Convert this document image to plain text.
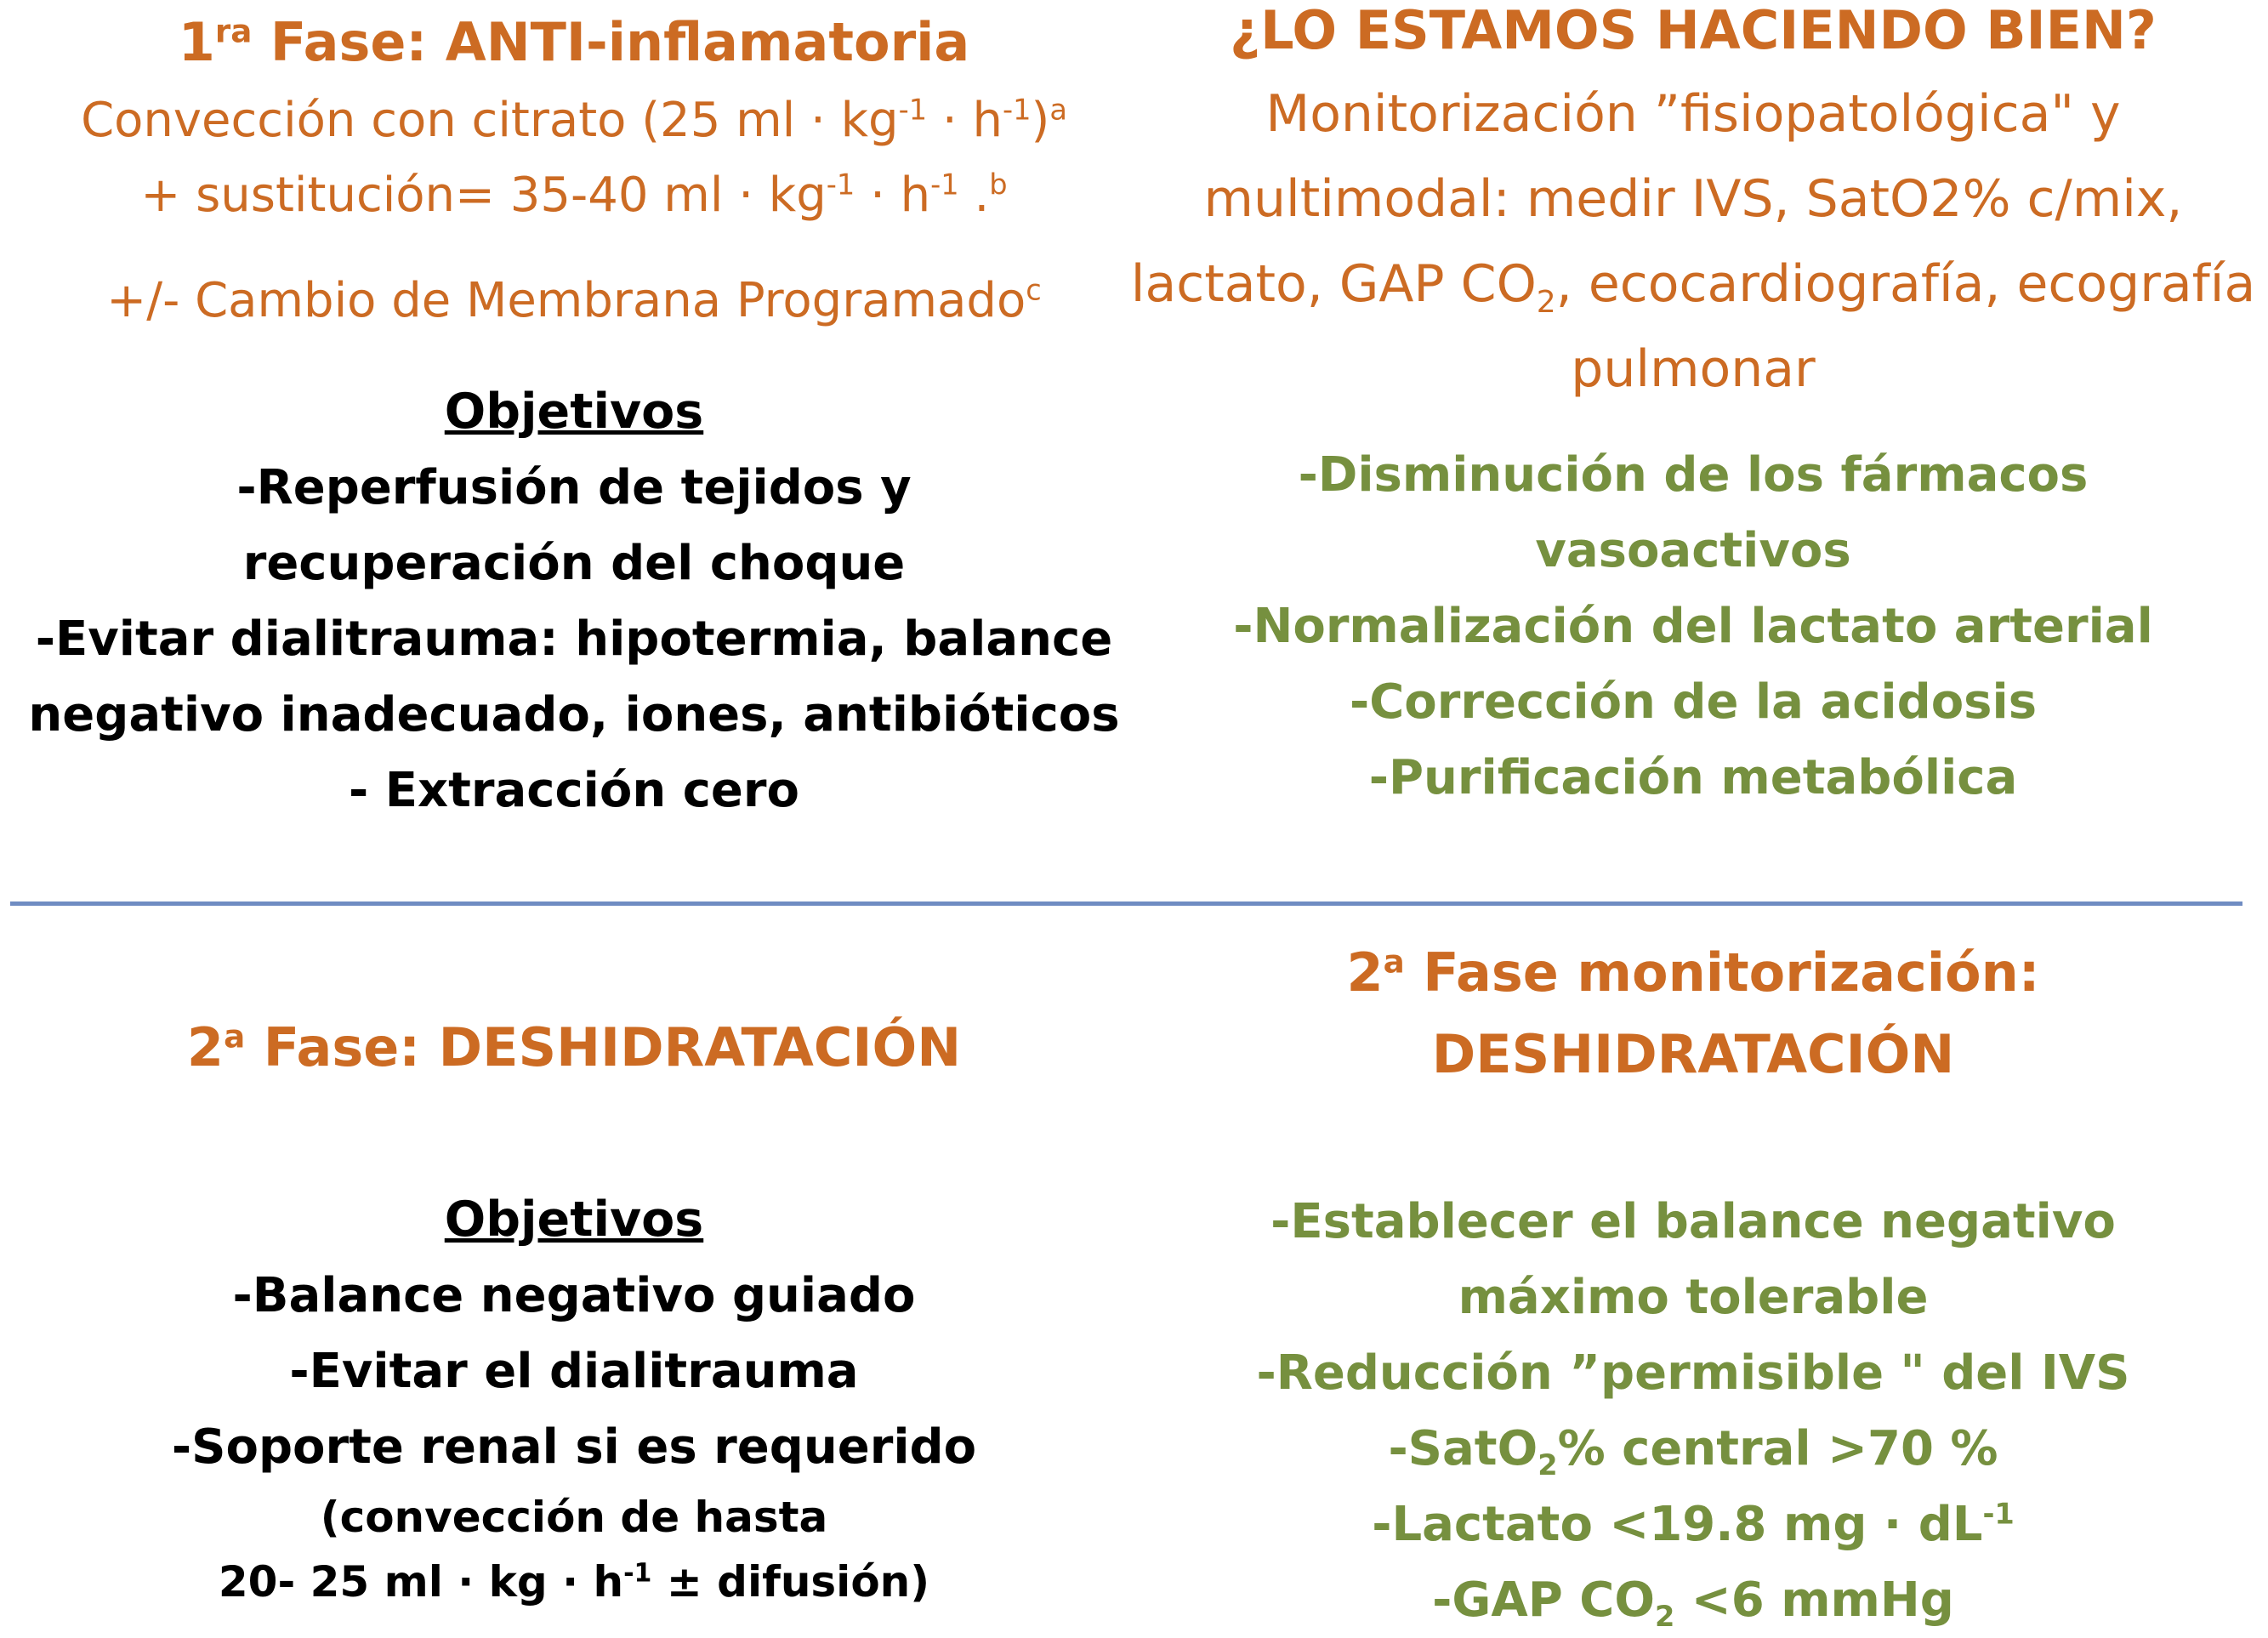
$1^{ra}$ Fase: ANTI-inflamatoria

Convección con citrato (25 ml · $kg^{-1} \cdot h^{-1})^a$

+ sustitución= 35-40 ml · $kg^{-1} \cdot h^{-1}$ .$^b$

+/- Cambio de Membrana Programado$^c$

Objetivos

-Reperfusión de tejidos y

recuperación del choque

-Evitar dialitrauma: hipotermia, balance

negativo inadecuado, iones, antibióticos

- Extracción cero

¿LO ESTAMOS HACIENDO BIEN?

Monitorización ”fisiopatológica" y

multimodal: medir IVS, SatO2% c/mix,

lactato, GAP $CO_2$, ecocardiografía, ecografía

pulmonar

-Disminución de los fármacos

vasoactivos

-Normalización del lactato arterial

-Corrección de la acidosis

-Purificación metabólica

2$^a$ Fase: DESHIDRATACIÓN

Objetivos

-Balance negativo guiado

-Evitar el dialitrauma

-Soporte renal si es requerido

(convección de hasta

20- 25 ml · kg · $h^{-1}$ ± difusión)

2$^a$ Fase monitorización:

DESHIDRATACIÓN

-Establecer el balance negativo

máximo tolerable

-Reducción ”permisible " del IVS

-SatO$_2$% central >70 %

-Lactato <19.8 mg · $dL^{-1}$

-GAP $CO_2 <6$ mmHg
